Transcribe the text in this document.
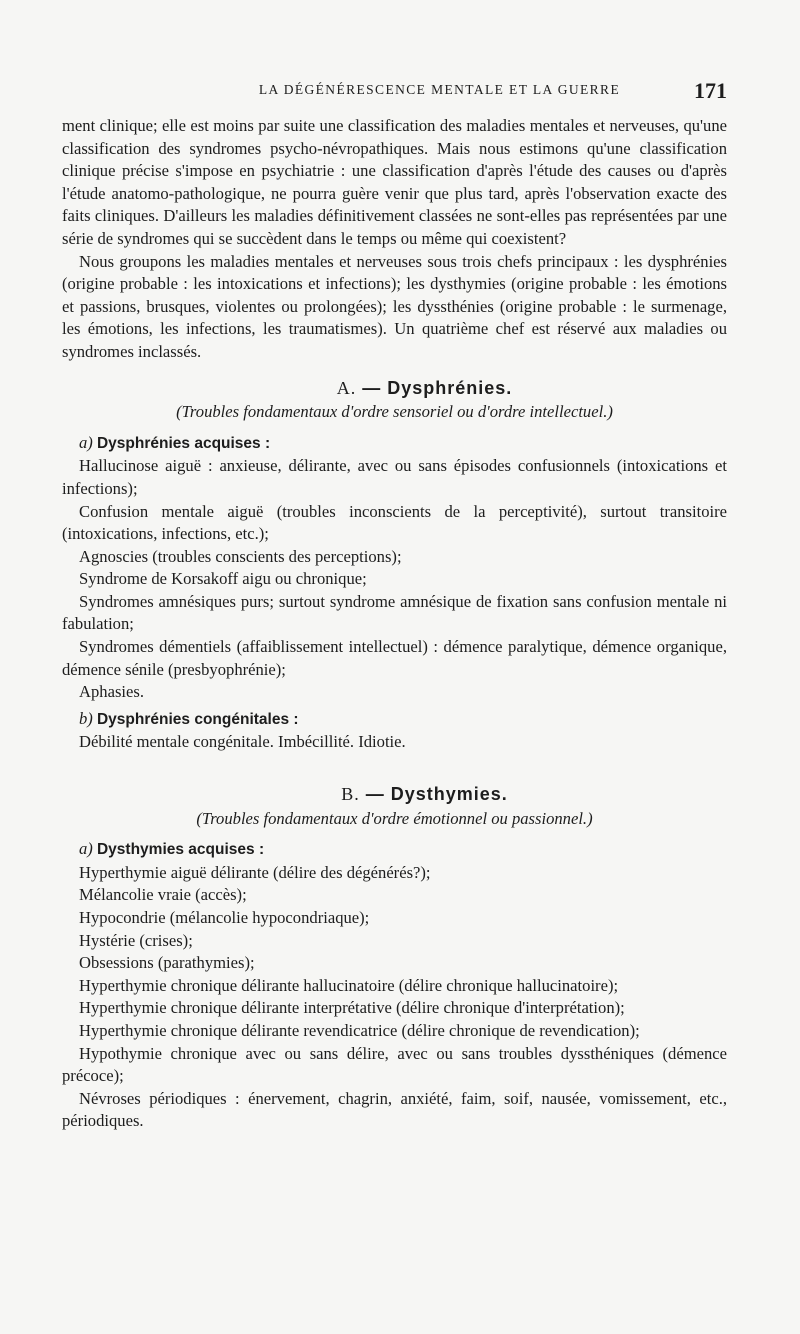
LA DÉGÉNÉRESCENCE MENTALE ET LA GUERRE	171

ment clinique; elle est moins par suite une classification des maladies mentales et nerveuses, qu'une classification des syndromes psycho-névropathiques. Mais nous estimons qu'une classification clinique précise s'impose en psychiatrie : une classification d'après l'étude des causes ou d'après l'étude anatomo-pathologique, ne pourra guère venir que plus tard, après l'observation exacte des faits cliniques. D'ailleurs les maladies définitivement classées ne sont-elles pas représentées par une série de syndromes qui se succèdent dans le temps ou même qui coexistent?

Nous groupons les maladies mentales et nerveuses sous trois chefs principaux : les dysphrénies (origine probable : les intoxications et infections); les dysthymies (origine probable : les émotions et passions, brusques, violentes ou prolongées); les dyssthénies (origine probable : le surmenage, les émotions, les infections, les traumatismes). Un quatrième chef est réservé aux maladies ou syndromes inclassés.

A. — Dysphrénies.

(Troubles fondamentaux d'ordre sensoriel ou d'ordre intellectuel.)

a) Dysphrénies acquises :

Hallucinose aiguë : anxieuse, délirante, avec ou sans épisodes confusionnels (intoxications et infections);

Confusion mentale aiguë (troubles inconscients de la perceptivité), surtout transitoire (intoxications, infections, etc.);

Agnoscies (troubles conscients des perceptions);

Syndrome de Korsakoff aigu ou chronique;

Syndromes amnésiques purs; surtout syndrome amnésique de fixation sans confusion mentale ni fabulation;

Syndromes démentiels (affaiblissement intellectuel) : démence paralytique, démence organique, démence sénile (presbyophrénie);

Aphasies.

b) Dysphrénies congénitales :

Débilité mentale congénitale. Imbécillité. Idiotie.

B. — Dysthymies.

(Troubles fondamentaux d'ordre émotionnel ou passionnel.)

a) Dysthymies acquises :

Hyperthymie aiguë délirante (délire des dégénérés?);

Mélancolie vraie (accès);

Hypocondrie (mélancolie hypocondriaque);

Hystérie (crises);

Obsessions (parathymies);

Hyperthymie chronique délirante hallucinatoire (délire chronique hallucinatoire);

Hyperthymie chronique délirante interprétative (délire chronique d'interprétation);

Hyperthymie chronique délirante revendicatrice (délire chronique de revendication);

Hypothymie chronique avec ou sans délire, avec ou sans troubles dyssthéniques (démence précoce);

Névroses périodiques : énervement, chagrin, anxiété, faim, soif, nausée, vomissement, etc., périodiques.
